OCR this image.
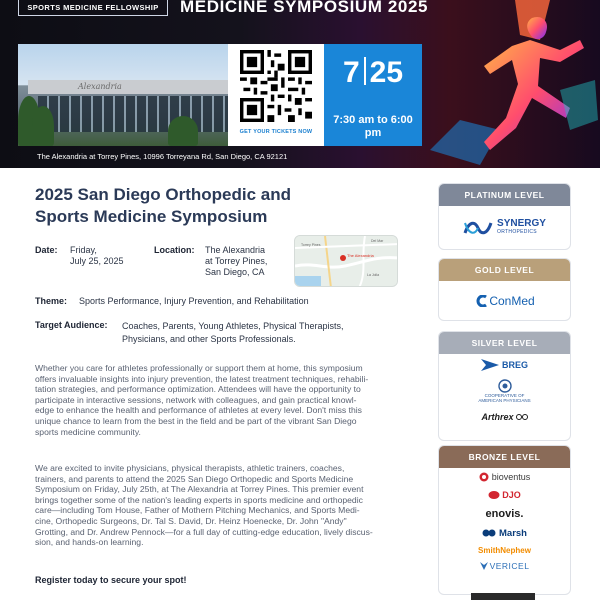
SPORTS MEDICINE FELLOWSHIP	MEDICINE SYMPOSIUM 2025
Alexandria
GET YOUR TICKETS NOW
7 25
7:30 am to 6:00 pm
The Alexandria at Torrey Pines, 10996 Torreyana Rd, San Diego, CA 92121
2025 San Diego Orthopedic and
Sports Medicine Symposium
Date: Friday,
July 25, 2025
Location: The Alexandria
at Torrey Pines,
San Diego, CA
The Alexandria
Torrey Pines
La Jolla
Del Mar
Theme: Sports Performance, Injury Prevention, and Rehabilitation
Target Audience: Coaches, Parents, Young Athletes, Physical Therapists,
Physicians, and other Sports Professionals.
Whether you care for athletes professionally or support them at home, this symposium
offers invaluable insights into injury prevention, the latest treatment techniques, rehabili-
tation strategies, and performance optimization. Attendees will have the opportunity to
participate in interactive sessions, network with colleagues, and gain practical knowl-
edge to enhance the health and performance of athletes at every level. Don't miss this
unique chance to learn from the best in the field and be part of the vibrant San Diego
sports medicine community.
We are excited to invite physicians, physical therapists, athletic trainers, coaches,
trainers, and parents to attend the 2025 San Diego Orthopedic and Sports Medicine
Symposium on Friday, July 25th, at The Alexandria at Torrey Pines. This premier event
brings together some of the nation's leading experts in sports medicine and orthopedic
care—including Tom House, Father of Mothern Pitching Mechanics, and Sports Medi-
cine, Orthopedic Surgeons, Dr. Tal S. David, Dr. Heinz Hoenecke, Dr. John "Andy"
Grotting, and Dr. Andrew Pennock—for a full day of cutting-edge education, lively discus-
sion, and hands-on learning.
Register today to secure your spot!
PLATINUM LEVEL
SYNERGY
ORTHOPEDICS
GOLD LEVEL
ConMed
SILVER LEVEL
BREG
COOPERATIVE OF
AMERICAN PHYSICIANS
Arthrex
BRONZE LEVEL
bioventus
DJO
enovis.
Marsh
SmithNephew
VERICEL
